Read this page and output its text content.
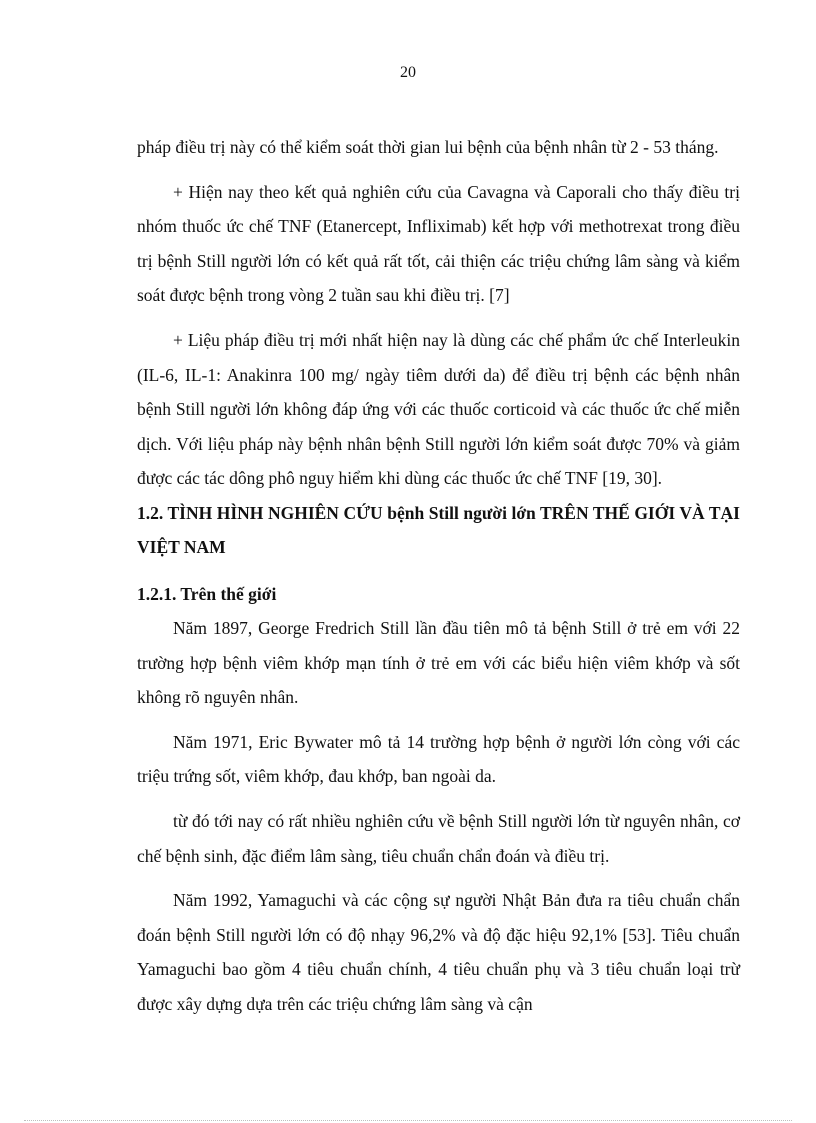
20

pháp điều trị này có thể kiểm soát thời gian lui bệnh của bệnh nhân từ 2 - 53 tháng.

+ Hiện nay theo kết quả nghiên cứu của Cavagna và Caporali cho thấy điều trị nhóm thuốc ức chế TNF (Etanercept, Infliximab) kết hợp với methotrexat trong điều trị bệnh Still người lớn có kết quả rất tốt, cải thiện các triệu chứng lâm sàng và kiểm soát được bệnh trong vòng 2 tuần sau khi điều trị. [7]

+ Liệu pháp điều trị mới nhất hiện nay là dùng các chế phẩm ức chế Interleukin (IL-6, IL-1: Anakinra 100 mg/ ngày tiêm dưới da) để điều trị bệnh các bệnh nhân bệnh Still người lớn không đáp ứng với các thuốc corticoid và các thuốc ức chế miễn dịch. Với liệu pháp này bệnh nhân bệnh Still người lớn kiểm soát được 70% và giảm được các tác dông phô nguy hiểm khi dùng các thuốc ức chế TNF [19, 30].

1.2. TÌNH HÌNH NGHIÊN CỨU bệnh Still người lớn TRÊN THẾ GIỚI VÀ TẠI VIỆT NAM
1.2.1. Trên thế giới

Năm 1897, George Fredrich Still lần đầu tiên mô tả bệnh Still ở trẻ em với 22 trường hợp bệnh viêm khớp mạn tính ở trẻ em với các biểu hiện viêm khớp và sốt không rõ nguyên nhân.

Năm 1971, Eric Bywater mô tả 14 trường hợp bệnh ở người lớn còng với các triệu trứng sốt, viêm khớp, đau khớp, ban ngoài da.

từ đó tới nay có rất nhiều nghiên cứu về bệnh Still người lớn từ nguyên nhân, cơ chế bệnh sinh, đặc điểm lâm sàng, tiêu chuẩn chẩn đoán và điều trị.

Năm 1992, Yamaguchi và các cộng sự người Nhật Bản đưa ra tiêu chuẩn chẩn đoán bệnh Still người lớn có độ nhạy 96,2% và độ đặc hiệu 92,1% [53]. Tiêu chuẩn Yamaguchi bao gồm 4 tiêu chuẩn chính, 4 tiêu chuẩn phụ và 3 tiêu chuẩn loại trừ được xây dựng dựa trên các triệu chứng lâm sàng và cận
